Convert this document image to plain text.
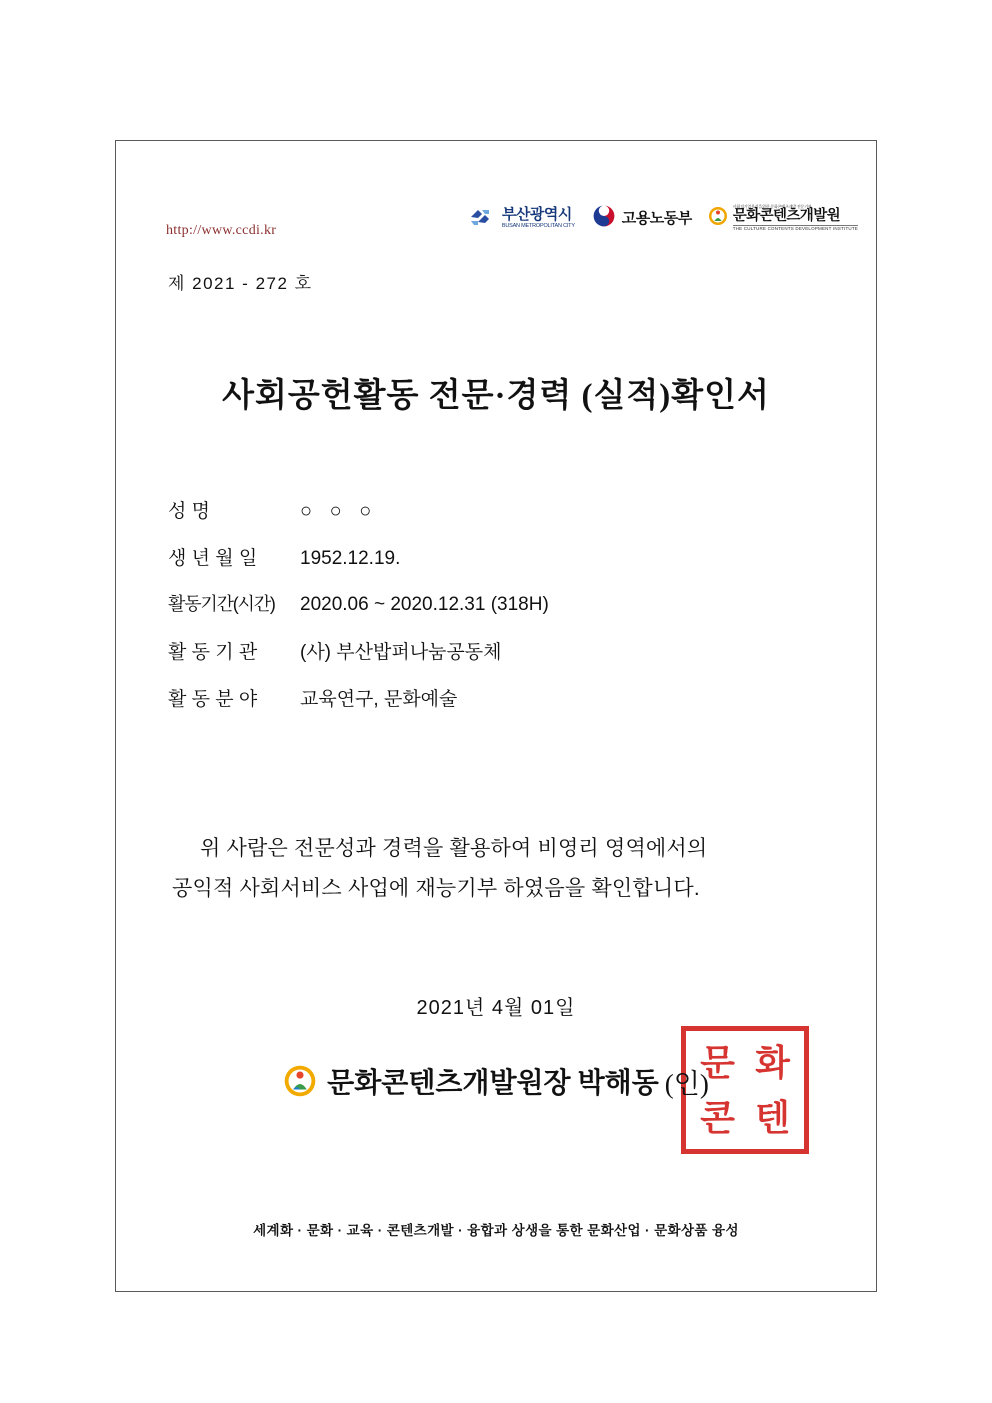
http://www.ccdi.kr
부산광역시
BUSAN METROPOLITAN CITY	고용노동부
사회적기업육성을위한 문화콘텐츠개발 전문기관
문화콘텐츠개발원
THE CULTURE CONTENTS DEVELOPMENT INSTITUTE
제 2021 - 272 호
사회공헌활동 전문·경력 (실적)확인서
성 명	○ ○ ○
생 년 월 일	1952.12.19.
활동기간(시간)	2020.06 ~ 2020.12.31 (318H)
활 동 기 관	(사) 부산밥퍼나눔공동체
활 동 분 야	교육연구, 문화예술
위 사람은 전문성과 경력을 활용하여 비영리 영역에서의
공익적 사회서비스 사업에 재능기부 하였음을 확인합니다.
2021년 4월 01일
문화콘텐츠개발원장 박해동 (인)
문 화
콘 텐
세계화 · 문화 · 교육 · 콘텐츠개발 · 융합과 상생을 통한 문화산업 · 문화상품 융성
